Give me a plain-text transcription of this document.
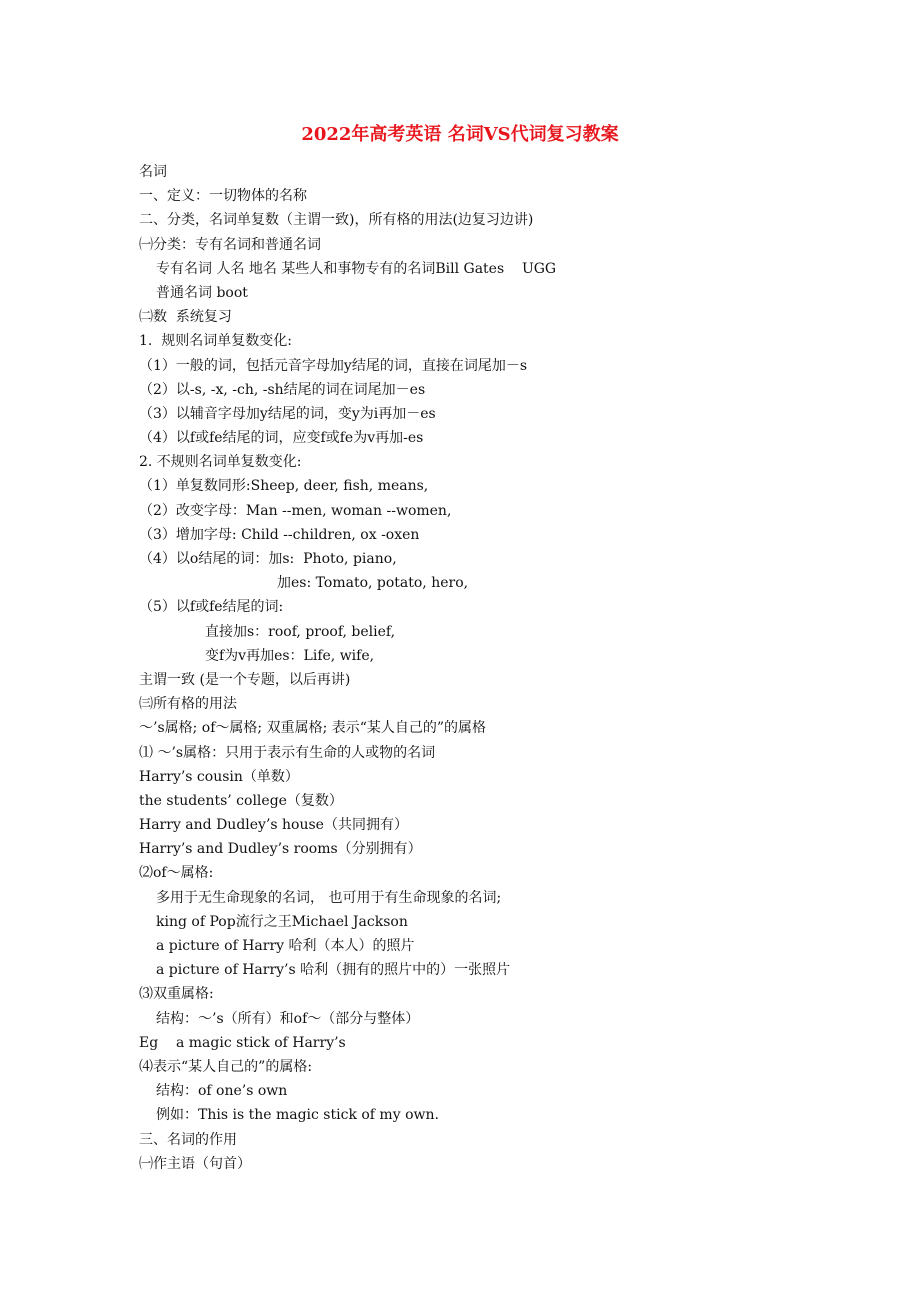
2022年高考英语 名词VS代词复习教案
名词
一、定义：一切物体的名称
二、分类，名词单复数（主谓一致)，所有格的用法(边复习边讲)
㈠分类：专有名词和普通名词
专有名词 人名 地名 某些人和事物专有的名词Bill Gates    UGG
普通名词 boot
㈡数  系统复习
1.  规则名词单复数变化:
（1）一般的词，包括元音字母加y结尾的词，直接在词尾加－s
（2）以-s, -x, -ch, -sh结尾的词在词尾加－es
（3）以辅音字母加y结尾的词，变y为i再加－es
（4）以f或fe结尾的词，应变f或fe为v再加-es
2. 不规则名词单复数变化:
（1）单复数同形:Sheep, deer, fish, means,
（2）改变字母：Man --men, woman --women,
（3）增加字母: Child --children, ox -oxen
（4）以o结尾的词：加s:  Photo, piano,
加es: Tomato, potato, hero,
（5）以f或fe结尾的词:
直接加s：roof, proof, belief,
变f为v再加es：Life, wife,
主谓一致 (是一个专题，以后再讲)
㈢所有格的用法
～’s属格; of～属格; 双重属格; 表示“某人自己的”的属格
⑴ ～’s属格：只用于表示有生命的人或物的名词
Harry’s cousin（单数）
the students’ college（复数）
Harry and Dudley’s house（共同拥有）
Harry’s and Dudley’s rooms（分别拥有）
⑵of～属格:
多用于无生命现象的名词， 也可用于有生命现象的名词;
king of Pop流行之王Michael Jackson
a picture of Harry 哈利（本人）的照片
a picture of Harry’s 哈利（拥有的照片中的）一张照片
⑶双重属格:
结构：～’s（所有）和of～（部分与整体）
Eg    a magic stick of Harry’s
⑷表示“某人自己的”的属格:
结构：of one’s own
例如：This is the magic stick of my own.
三、名词的作用
㈠作主语（句首）
